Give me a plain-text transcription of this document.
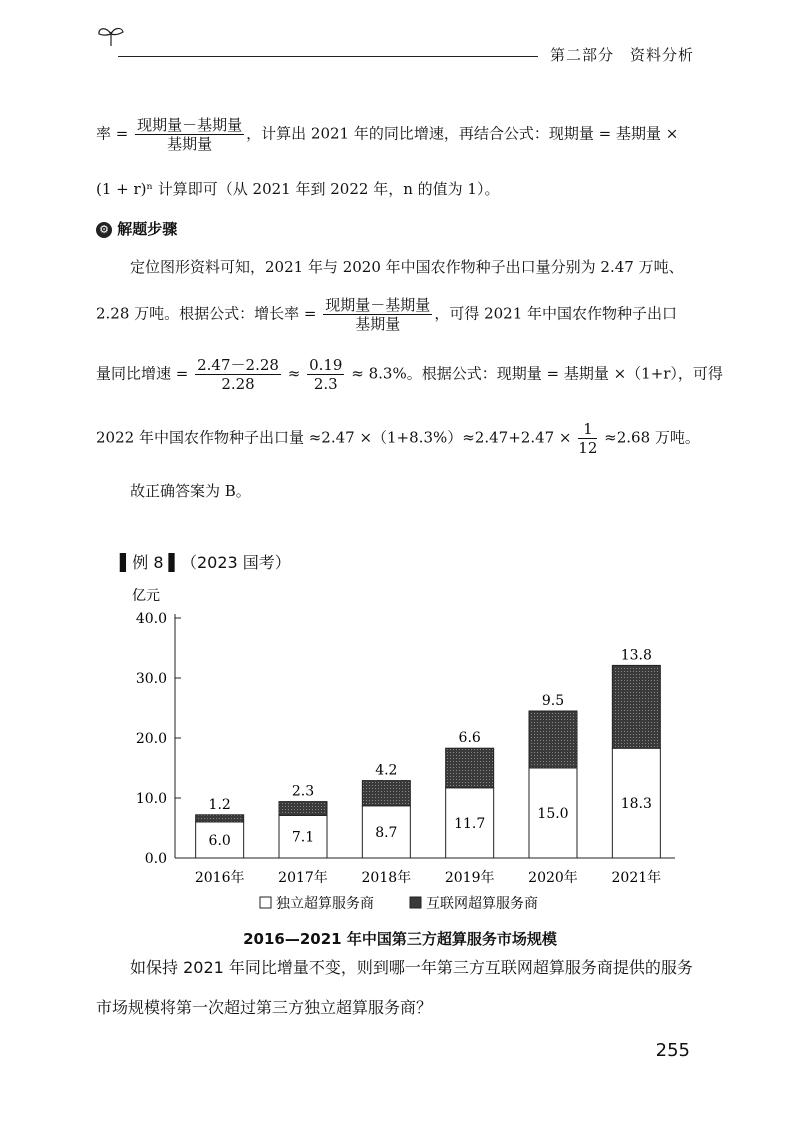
第二部分　资料分析
率 = $\frac{\text{现期量－基期量}}{\text{基期量}}$ ，计算出 2021 年的同比增速，再结合公式：现期量 = 基期量 ×
(1 + r)ⁿ 计算即可（从 2021 年到 2022 年，n 的值为 1）。
⚙ 解题步骤
定位图形资料可知，2021 年与 2020 年中国农作物种子出口量分别为 2.47 万吨、
2.28 万吨。根据公式：增长率 = $\frac{\text{现期量－基期量}}{\text{基期量}}$ ，可得 2021 年中国农作物种子出口
量同比增速 = $\frac{2.47-2.28}{2.28} \approx \frac{0.19}{2.3} \approx 8.3\%$。根据公式：现期量 = 基期量 ×（1+r），可得
2022 年中国农作物种子出口量 $\approx 2.47 \times(1+8.3\%)\approx 2.47+2.47 \times \frac{1}{12} \approx 2.68$ 万吨。
故正确答案为 B。
▌例 8 ▌（2023 国考）
亿元
0.0
10.0
20.0
30.0
40.0
6.0
1.2
2016年
7.1
2.3
2017年
8.7
4.2
2018年
11.7
6.6
2019年
15.0
9.5
2020年
18.3
13.8
2021年
独立超算服务商	互联网超算服务商
2016—2021 年中国第三方超算服务市场规模
如保持 2021 年同比增量不变，则到哪一年第三方互联网超算服务商提供的服务
市场规模将第一次超过第三方独立超算服务商？
255
